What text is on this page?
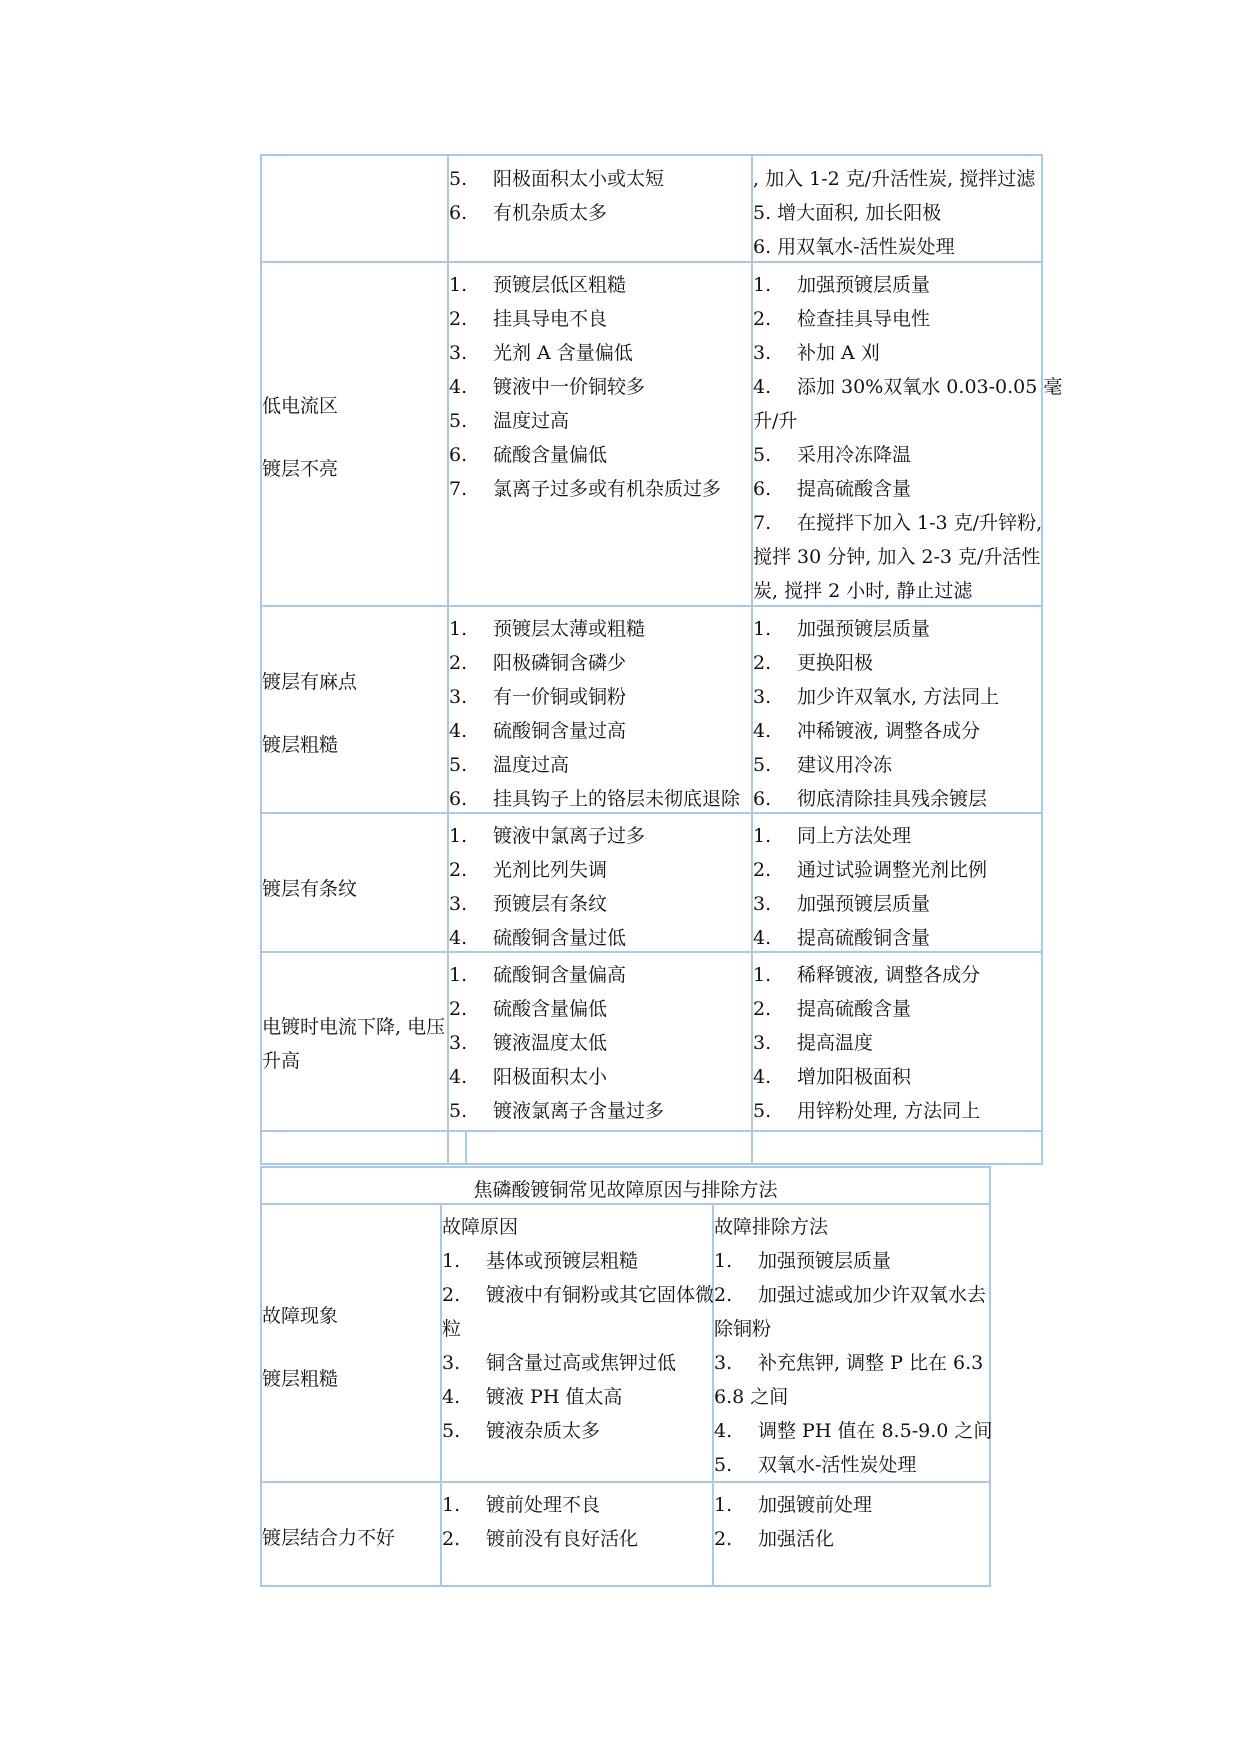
5. 阳极面积太小或太短
6. 有机杂质太多
, 加入 1-2 克/升活性炭, 搅拌过滤
5. 增大面积, 加长阳极
6. 用双氧水-活性炭处理
低电流区
镀层不亮
1. 预镀层低区粗糙
2. 挂具导电不良
3. 光剂 A 含量偏低
4. 镀液中一价铜较多
5. 温度过高
6. 硫酸含量偏低
7. 氯离子过多或有机杂质过多
1. 加强预镀层质量
2. 检查挂具导电性
3. 补加 A 刈
4. 添加 30%双氧水 0.03-0.05 毫
升/升
5. 采用冷冻降温
6. 提高硫酸含量
7. 在搅拌下加入 1-3 克/升锌粉,
搅拌 30 分钟, 加入 2-3 克/升活性
炭, 搅拌 2 小时, 静止过滤
镀层有麻点
镀层粗糙
1. 预镀层太薄或粗糙
2. 阳极磷铜含磷少
3. 有一价铜或铜粉
4. 硫酸铜含量过高
5. 温度过高
6. 挂具钩子上的铬层未彻底退除
1. 加强预镀层质量
2. 更换阳极
3. 加少许双氧水, 方法同上
4. 冲稀镀液, 调整各成分
5. 建议用冷冻
6. 彻底清除挂具残余镀层
镀层有条纹
1. 镀液中氯离子过多
2. 光剂比列失调
3. 预镀层有条纹
4. 硫酸铜含量过低
1. 同上方法处理
2. 通过试验调整光剂比例
3. 加强预镀层质量
4. 提高硫酸铜含量
电镀时电流下降, 电压
升高
1. 硫酸铜含量偏高
2. 硫酸含量偏低
3. 镀液温度太低
4. 阳极面积太小
5. 镀液氯离子含量过多
1. 稀释镀液, 调整各成分
2. 提高硫酸含量
3. 提高温度
4. 增加阳极面积
5. 用锌粉处理, 方法同上
焦磷酸镀铜常见故障原因与排除方法
故障原因	故障排除方法
故障现象
镀层粗糙
1. 基体或预镀层粗糙
2. 镀液中有铜粉或其它固体微
粒
3. 铜含量过高或焦钾过低
4. 镀液 PH 值太高
5. 镀液杂质太多
1. 加强预镀层质量
2. 加强过滤或加少许双氧水去
除铜粉
3. 补充焦钾, 调整 P 比在 6.3
6.8 之间
4. 调整 PH 值在 8.5-9.0 之间
5. 双氧水-活性炭处理
镀层结合力不好
1. 镀前处理不良
2. 镀前没有良好活化
1. 加强镀前处理
2. 加强活化
